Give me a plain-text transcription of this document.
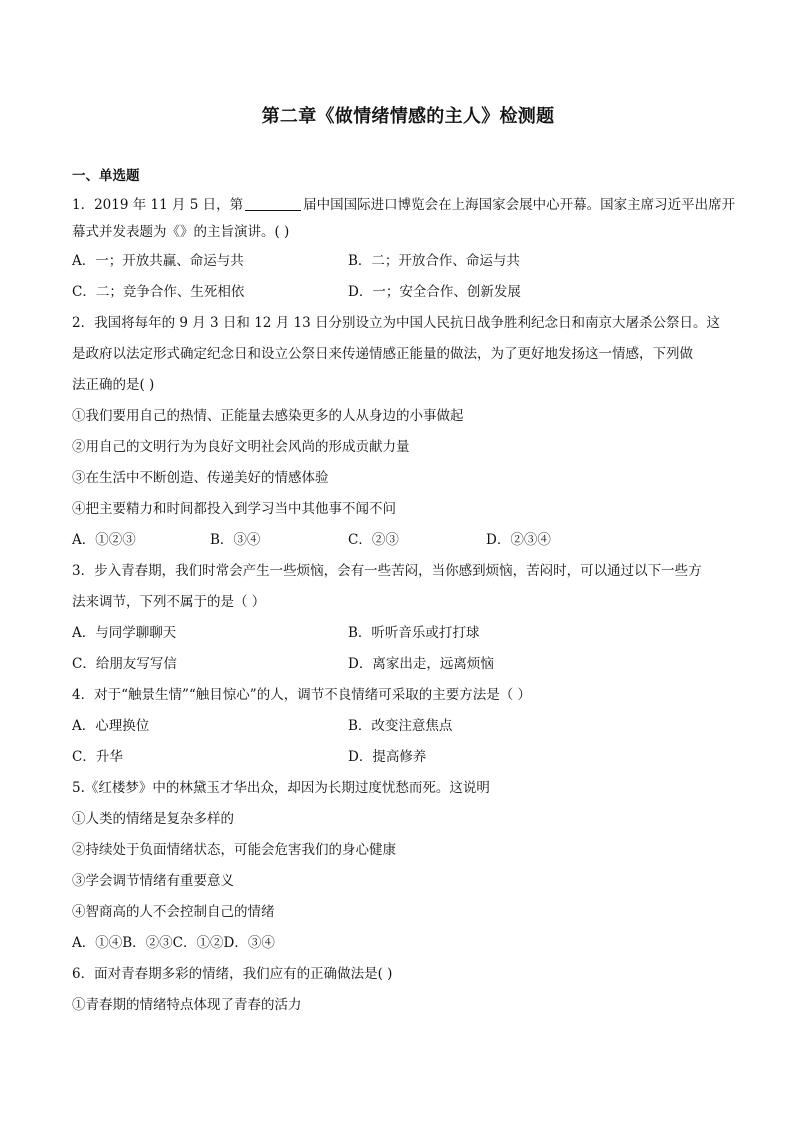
第二章《做情绪情感的主人》检测题
一、单选题
1．2019 年 11 月 5 日，第	届中国国际进口博览会在上海国家会展中心开幕。国家主席习近平出席开
幕式并发表题为《》的主旨演讲。( )
A．一；开放共赢、命运与共	B．二；开放合作、命运与共
C．二；竞争合作、生死相依	D．一；安全合作、创新发展
2．我国将每年的 9 月 3 日和 12 月 13 日分别设立为中国人民抗日战争胜利纪念日和南京大屠杀公祭日。这
是政府以法定形式确定纪念日和设立公祭日来传递情感正能量的做法，为了更好地发扬这一情感，下列做
法正确的是( )
①我们要用自己的热情、正能量去感染更多的人从身边的小事做起
②用自己的文明行为为良好文明社会风尚的形成贡献力量
③在生活中不断创造、传递美好的情感体验
④把主要精力和时间都投入到学习当中其他事不闻不问
A．①②③	B．③④	C．②③	D．②③④
3．步入青春期，我们时常会产生一些烦恼，会有一些苦闷，当你感到烦恼，苦闷时，可以通过以下一些方
法来调节，下列不属于的是（ ）
A．与同学聊聊天	B．听听音乐或打打球
C．给朋友写写信	D．离家出走，远离烦恼
4．对于“触景生情”“触目惊心”的人，调节不良情绪可采取的主要方法是（ ）
A．心理换位	B．改变注意焦点
C．升华	D．提高修养
5.《红楼梦》中的林黛玉才华出众，却因为长期过度忧愁而死。这说明
①人类的情绪是复杂多样的
②持续处于负面情绪状态，可能会危害我们的身心健康
③学会调节情绪有重要意义
④智商高的人不会控制自己的情绪
A．①④B．②③C．①②D．③④
6．面对青春期多彩的情绪，我们应有的正确做法是( )
①青春期的情绪特点体现了青春的活力
